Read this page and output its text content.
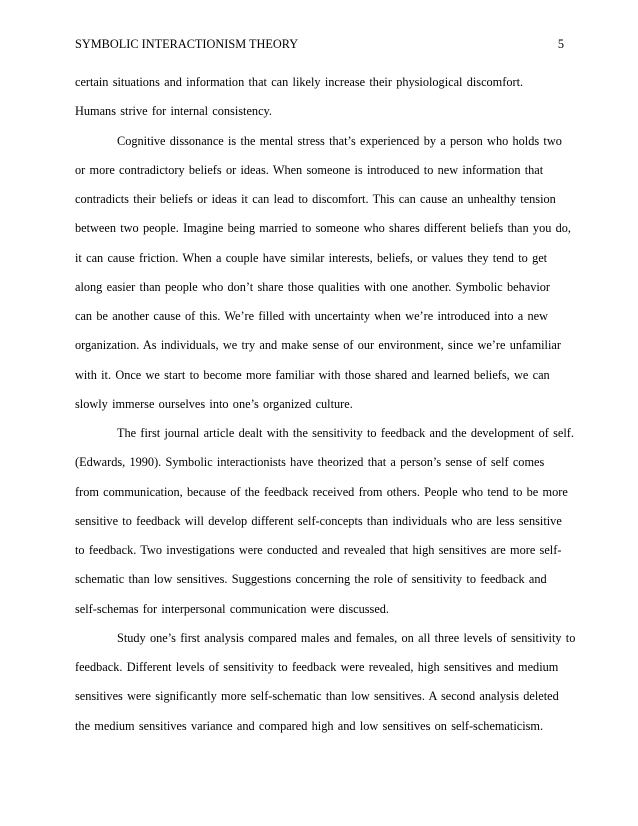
SYMBOLIC INTERACTIONISM THEORY	5
certain situations and information that can likely increase their physiological discomfort.
Humans strive for internal consistency.
Cognitive dissonance is the mental stress that’s experienced by a person who holds two
or more contradictory beliefs or ideas. When someone is introduced to new information that
contradicts their beliefs or ideas it can lead to discomfort. This can cause an unhealthy tension
between two people. Imagine being married to someone who shares different beliefs than you do,
it can cause friction. When a couple have similar interests, beliefs, or values they tend to get
along easier than people who don’t share those qualities with one another. Symbolic behavior
can be another cause of this. We’re filled with uncertainty when we’re introduced into a new
organization. As individuals, we try and make sense of our environment, since we’re unfamiliar
with it. Once we start to become more familiar with those shared and learned beliefs, we can
slowly immerse ourselves into one’s organized culture.
The first journal article dealt with the sensitivity to feedback and the development of self.
(Edwards, 1990). Symbolic interactionists have theorized that a person’s sense of self comes
from communication, because of the feedback received from others. People who tend to be more
sensitive to feedback will develop different self-concepts than individuals who are less sensitive
to feedback. Two investigations were conducted and revealed that high sensitives are more self-
schematic than low sensitives. Suggestions concerning the role of sensitivity to feedback and
self-schemas for interpersonal communication were discussed.
Study one’s first analysis compared males and females, on all three levels of sensitivity to
feedback. Different levels of sensitivity to feedback were revealed, high sensitives and medium
sensitives were significantly more self-schematic than low sensitives. A second analysis deleted
the medium sensitives variance and compared high and low sensitives on self-schematicism.
